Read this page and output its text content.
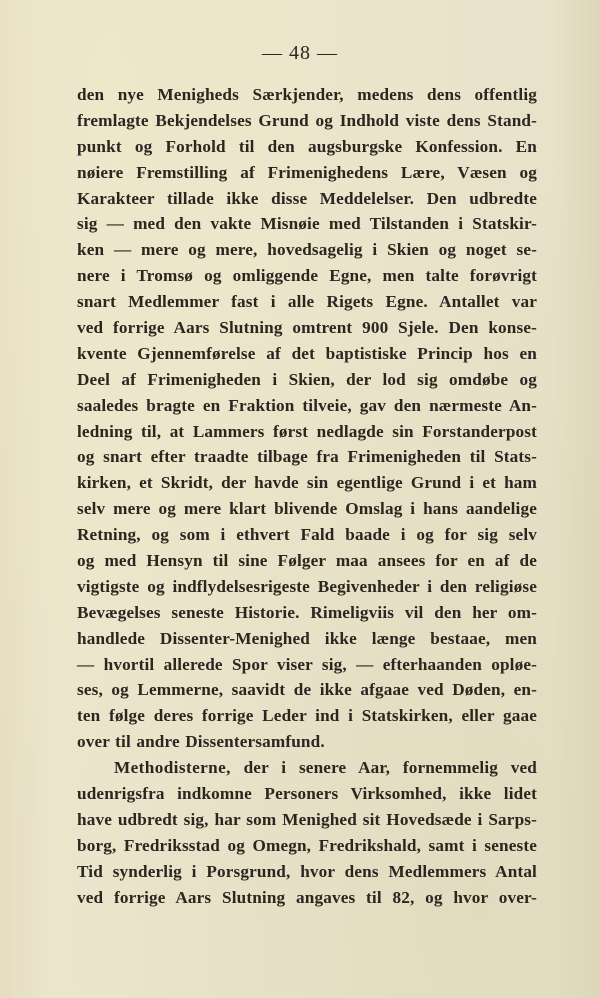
— 48 —
den nye Menigheds Særkjender, medens dens offentlig
fremlagte Bekjendelses Grund og Indhold viste dens Stand-
punkt og Forhold til den augsburgske Konfession. En
nøiere Fremstilling af Frimenighedens Lære, Væsen og
Karakteer tillade ikke disse Meddelelser. Den udbredte
sig — med den vakte Misnøie med Tilstanden i Statskir-
ken — mere og mere, hovedsagelig i Skien og noget se-
nere i Tromsø og omliggende Egne, men talte forøvrigt
snart Medlemmer fast i alle Rigets Egne. Antallet var
ved forrige Aars Slutning omtrent 900 Sjele. Den konse-
kvente Gjennemførelse af det baptistiske Princip hos en
Deel af Frimenigheden i Skien, der lod sig omdøbe og
saaledes bragte en Fraktion tilveie, gav den nærmeste An-
ledning til, at Lammers først nedlagde sin Forstanderpost
og snart efter traadte tilbage fra Frimenigheden til Stats-
kirken, et Skridt, der havde sin egentlige Grund i et ham
selv mere og mere klart blivende Omslag i hans aandelige
Retning, og som i ethvert Fald baade i og for sig selv
og med Hensyn til sine Følger maa ansees for en af de
vigtigste og indflydelsesrigeste Begivenheder i den religiøse
Bevægelses seneste Historie. Rimeligviis vil den her om-
handlede Dissenter-Menighed ikke længe bestaae, men
— hvortil allerede Spor viser sig, — efterhaanden opløe-
ses, og Lemmerne, saavidt de ikke afgaae ved Døden, en-
ten følge deres forrige Leder ind i Statskirken, eller gaae
over til andre Dissentersamfund.
Methodisterne, der i senere Aar, fornemmelig ved
udenrigsfra indkomne Personers Virksomhed, ikke lidet
have udbredt sig, har som Menighed sit Hovedsæde i Sarps-
borg, Fredriksstad og Omegn, Fredrikshald, samt i seneste
Tid synderlig i Porsgrund, hvor dens Medlemmers Antal
ved forrige Aars Slutning angaves til 82, og hvor over-
